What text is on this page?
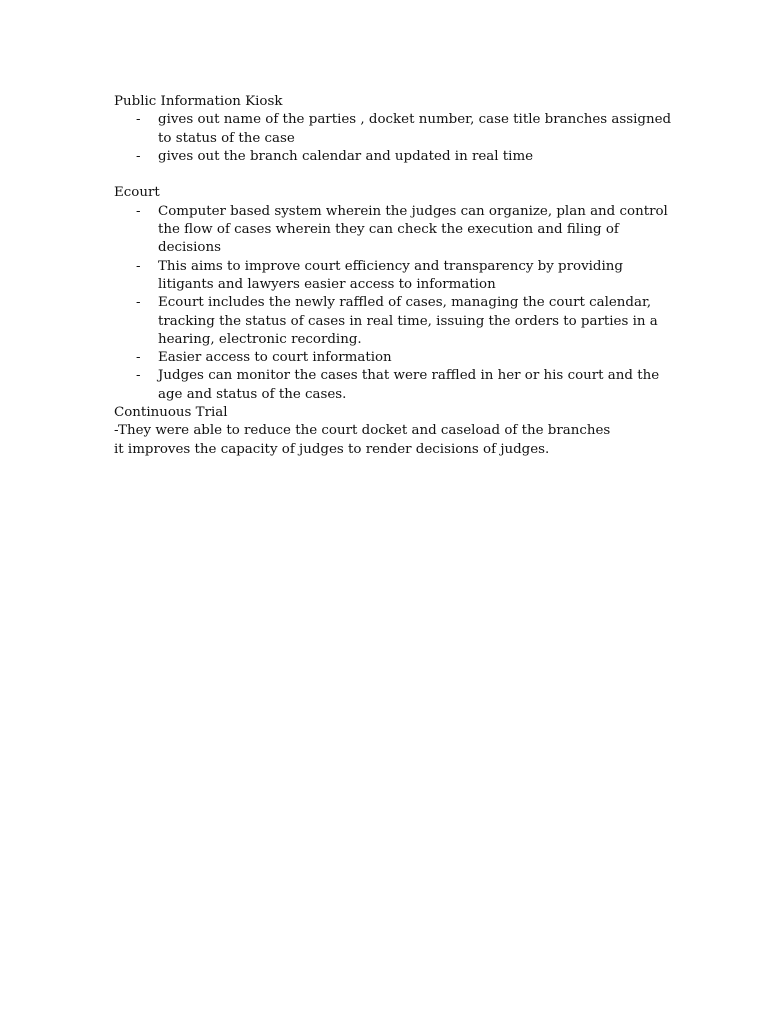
Public Information Kiosk
- gives out name of the parties , docket number, case title branches assigned to status of the case
- gives out the branch calendar and updated in real time
Ecourt
- Computer based system wherein the judges can organize, plan and control the flow of cases wherein they can check the execution and filing of decisions
- This aims to improve court efficiency and transparency by providing litigants and lawyers easier access to information
- Ecourt includes the newly raffled of cases, managing the court calendar, tracking the status of cases in real time, issuing the orders to parties in a hearing, electronic recording.
- Easier access to court information
- Judges can monitor the cases that were raffled in her or his court and the age and status of the cases.
Continuous Trial

-They were able to reduce the court docket and caseload of the branches

it improves the capacity of judges to render decisions of judges.
